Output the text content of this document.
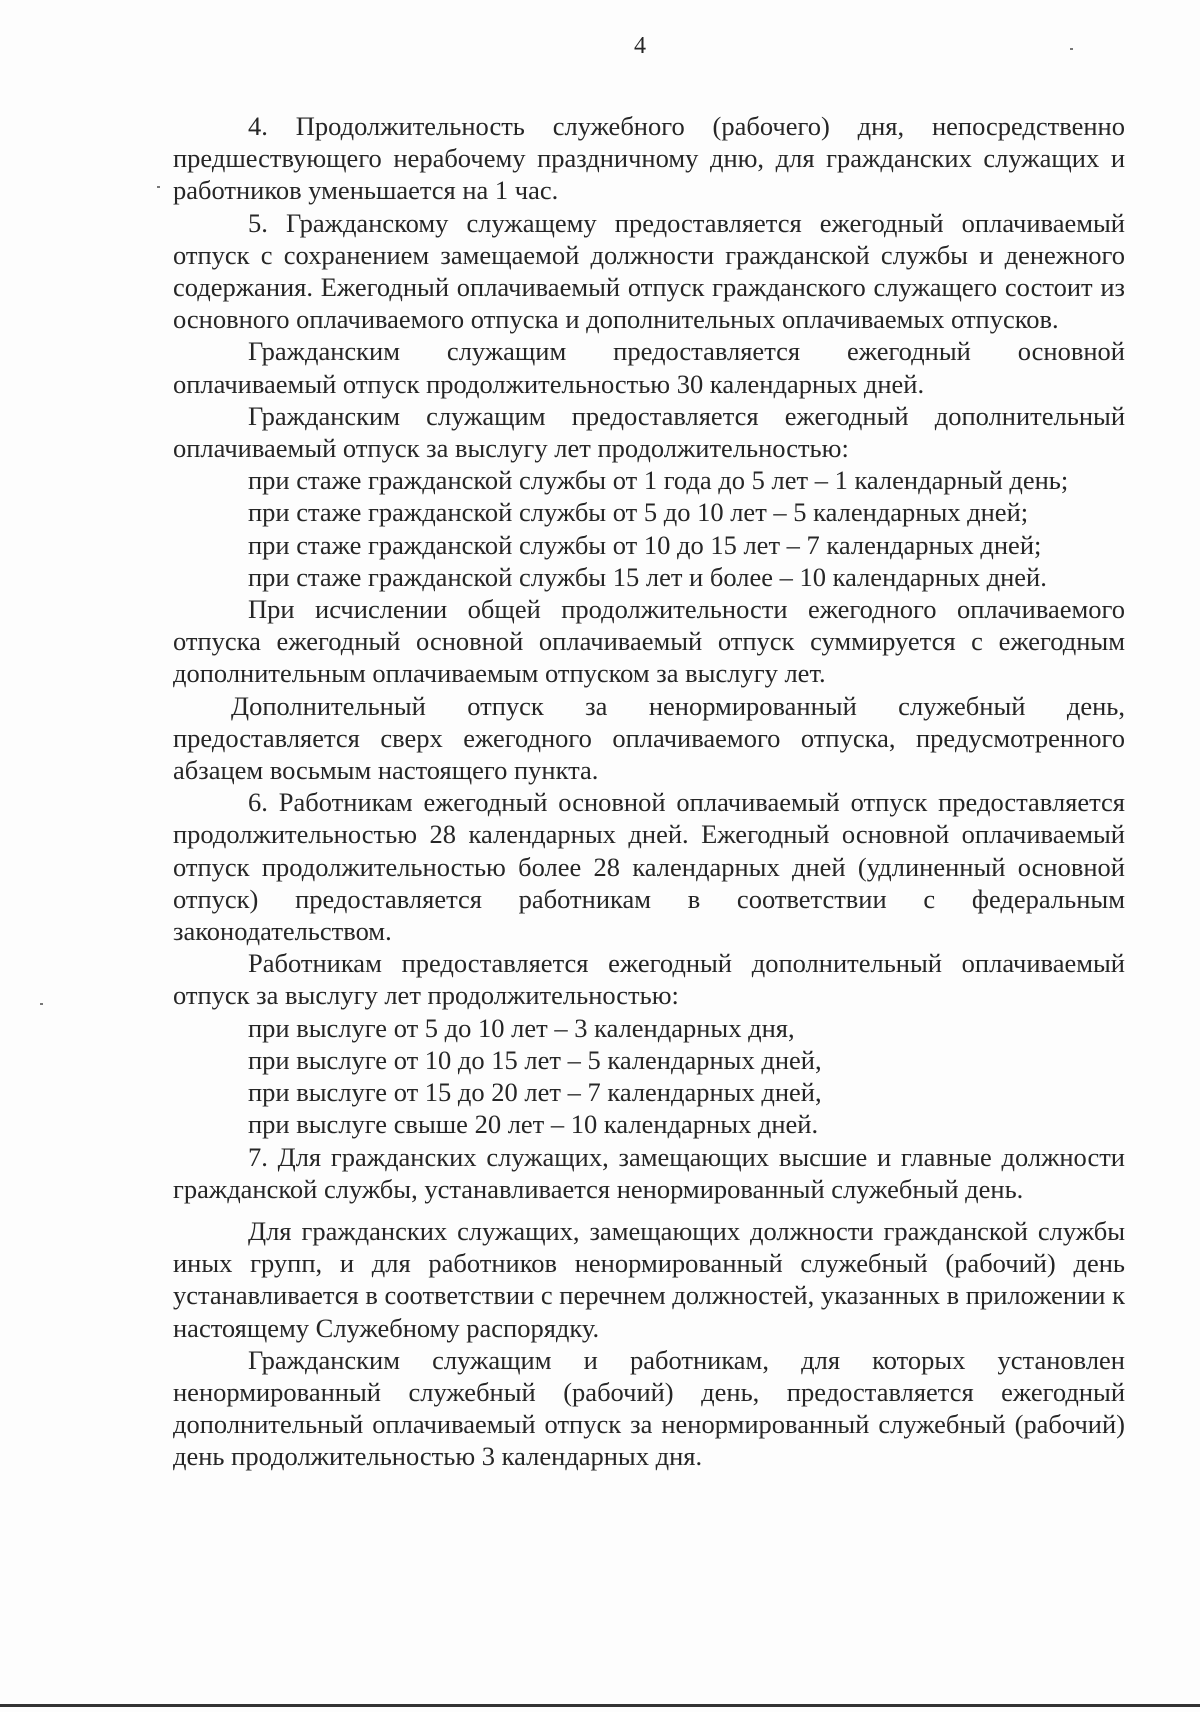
4

4. Продолжительность служебного (рабочего) дня, непосредственно предшествующего нерабочему праздничному дню, для гражданских служащих и работников уменьшается на 1 час.

5. Гражданскому служащему предоставляется ежегодный оплачиваемый отпуск с сохранением замещаемой должности гражданской службы и денежного содержания. Ежегодный оплачиваемый отпуск гражданского служащего состоит из основного оплачиваемого отпуска и дополнительных оплачиваемых отпусков.

Гражданским служащим предоставляется ежегодный основной оплачиваемый отпуск продолжительностью 30 календарных дней.

Гражданским служащим предоставляется ежегодный дополнительный оплачиваемый отпуск за выслугу лет продолжительностью:

при стаже гражданской службы от 1 года до 5 лет – 1 календарный день;

при стаже гражданской службы от 5 до 10 лет – 5 календарных дней;

при стаже гражданской службы от 10 до 15 лет – 7 календарных дней;

при стаже гражданской службы 15 лет и более – 10 календарных дней.

При исчислении общей продолжительности ежегодного оплачиваемого отпуска ежегодный основной оплачиваемый отпуск суммируется с ежегодным дополнительным оплачиваемым отпуском за выслугу лет.

Дополнительный отпуск за ненормированный служебный день, предоставляется сверх ежегодного оплачиваемого отпуска, предусмотренного абзацем восьмым настоящего пункта.

6. Работникам ежегодный основной оплачиваемый отпуск предоставляется продолжительностью 28 календарных дней. Ежегодный основной оплачиваемый отпуск продолжительностью более 28 календарных дней (удлиненный основной отпуск) предоставляется работникам в соответствии с федеральным законодательством.

Работникам предоставляется ежегодный дополнительный оплачиваемый отпуск за выслугу лет продолжительностью:

при выслуге от 5 до 10 лет – 3 календарных дня,

при выслуге от 10 до 15 лет – 5 календарных дней,

при выслуге от 15 до 20 лет – 7 календарных дней,

при выслуге свыше 20 лет – 10 календарных дней.

7. Для гражданских служащих, замещающих высшие и главные должности гражданской службы, устанавливается ненормированный служебный день.

Для гражданских служащих, замещающих должности гражданской службы иных групп, и для работников ненормированный служебный (рабочий) день устанавливается в соответствии с перечнем должностей, указанных в приложении к настоящему Служебному распорядку.

Гражданским служащим и работникам, для которых установлен ненормированный служебный (рабочий) день, предоставляется ежегодный дополнительный оплачиваемый отпуск за ненормированный служебный (рабочий) день продолжительностью 3 календарных дня.
